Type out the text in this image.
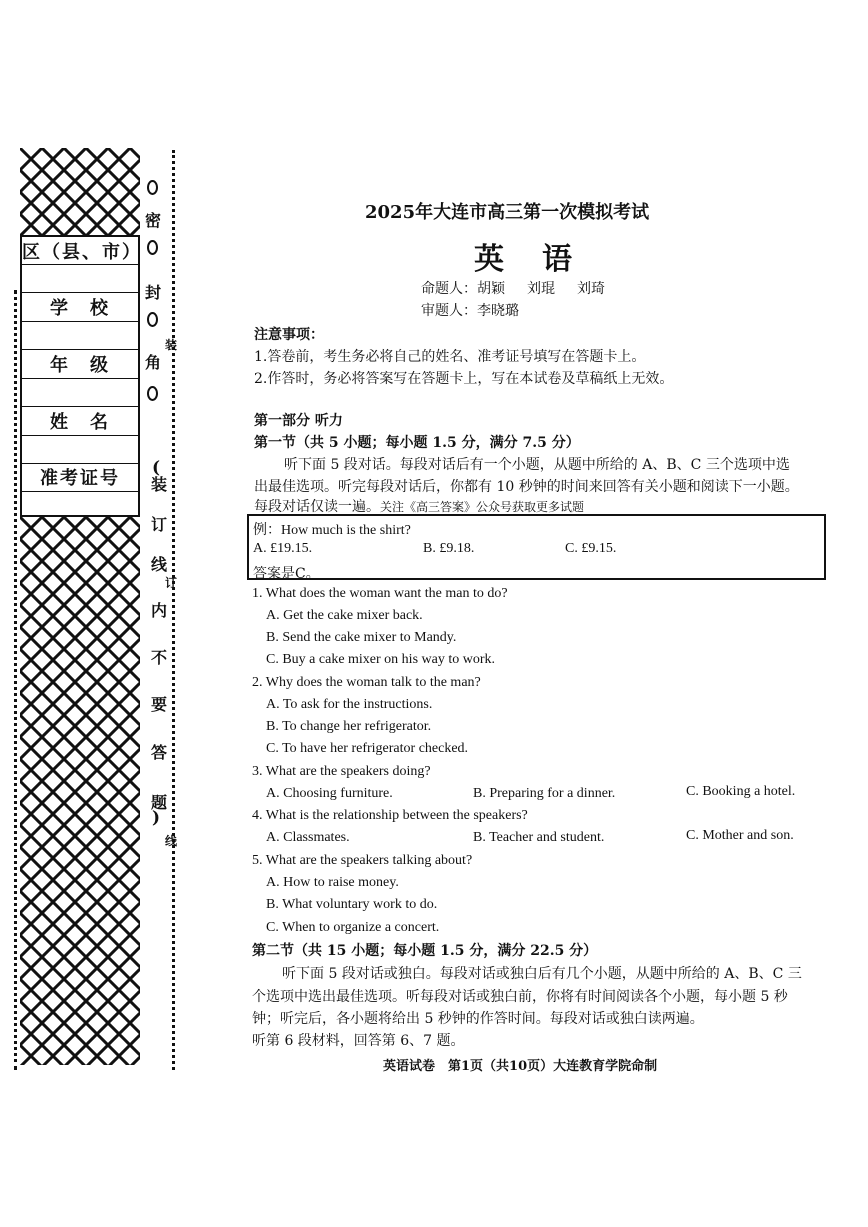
区（县、市）
学　校
年　级
姓　名
准考证号
密
封
角
(
装
订
线
内
不
要
答
题
)
装
订
线
2025年大连市高三第一次模拟考试
英　语
命题人：胡颖 刘琨 刘琦
审题人：李晓璐
注意事项：
1.答卷前，考生务必将自己的姓名、准考证号填写在答题卡上。
2.作答时，务必将答案写在答题卡上，写在本试卷及草稿纸上无效。
第一部分 听力
第一节（共 5 小题；每小题 1.5 分，满分 7.5 分）
听下面 5 段对话。每段对话后有一个小题，从题中所给的 A、B、C 三个选项中选
出最佳选项。听完每段对话后，你都有 10 秒钟的时间来回答有关小题和阅读下一小题。
每段对话仅读一遍。关注《高三答案》公众号获取更多试题
例：How much is the shirt?
A. £19.15.	B. £9.18.	C. £9.15.
答案是C。
1. What does the woman want the man to do?
A. Get the cake mixer back.
B. Send the cake mixer to Mandy.
C. Buy a cake mixer on his way to work.
2. Why does the woman talk to the man?
A. To ask for the instructions.
B. To change her refrigerator.
C. To have her refrigerator checked.
3. What are the speakers doing?
A. Choosing furniture.	B. Preparing for a dinner.	C. Booking a hotel.
4. What is the relationship between the speakers?
A. Classmates.	B. Teacher and student.	C. Mother and son.
5. What are the speakers talking about?
A. How to raise money.
B. What voluntary work to do.
C. When to organize a concert.
第二节（共 15 小题；每小题 1.5 分，满分 22.5 分）
听下面 5 段对话或独白。每段对话或独白后有几个小题，从题中所给的 A、B、C 三
个选项中选出最佳选项。听每段对话或独白前，你将有时间阅读各个小题，每小题 5 秒
钟；听完后，各小题将给出 5 秒钟的作答时间。每段对话或独白读两遍。
听第 6 段材料，回答第 6、7 题。
英语试卷　第1页（共10页）大连教育学院命制
